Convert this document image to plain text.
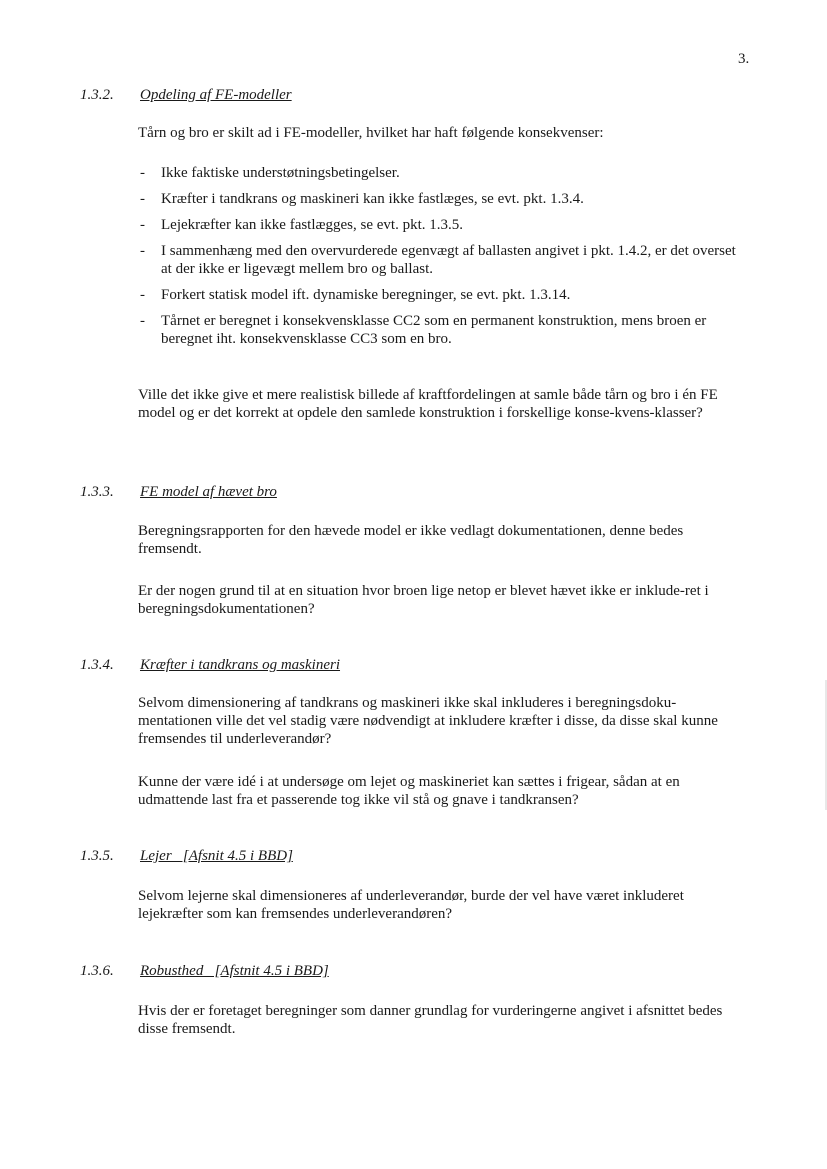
3.
1.3.2. Opdeling af FE-modeller

Tårn og bro er skilt ad i FE-modeller, hvilket har haft følgende konsekvenser:

- Ikke faktiske understøtningsbetingelser.
- Kræfter i tandkrans og maskineri kan ikke fastlæges, se evt. pkt. 1.3.4.
- Lejekræfter kan ikke fastlægges, se evt. pkt. 1.3.5.
- I sammenhæng med den overvurderede egenvægt af ballasten angivet i pkt. 1.4.2, er det overset at der ikke er ligevægt mellem bro og ballast.
- Forkert statisk model ift. dynamiske beregninger, se evt. pkt. 1.3.14.
- Tårnet er beregnet i konsekvensklasse CC2 som en permanent konstruktion, mens broen er beregnet iht. konsekvensklasse CC3 som en bro.

Ville det ikke give et mere realistisk billede af kraftfordelingen at samle både tårn og bro i én FE model og er det korrekt at opdele den samlede konstruktion i forskellige konse-kvens-klasser?

1.3.3. FE model af hævet bro

Beregningsrapporten for den hævede model er ikke vedlagt dokumentationen, denne bedes fremsendt.

Er der nogen grund til at en situation hvor broen lige netop er blevet hævet ikke er inklude-ret i beregningsdokumentationen?

1.3.4. Kræfter i tandkrans og maskineri

Selvom dimensionering af tandkrans og maskineri ikke skal inkluderes i beregningsdoku-mentationen ville det vel stadig være nødvendigt at inkludere kræfter i disse, da disse skal kunne fremsendes til underleverandør?

Kunne der være idé i at undersøge om lejet og maskineriet kan sættes i frigear, sådan at en udmattende last fra et passerende tog ikke vil stå og gnave i tandkransen?

1.3.5. Lejer   [Afsnit 4.5 i BBD]

Selvom lejerne skal dimensioneres af underleverandør, burde der vel have været inkluderet lejekræfter som kan fremsendes underleverandøren?

1.3.6. Robusthed   [Afstnit 4.5 i BBD]

Hvis der er foretaget beregninger som danner grundlag for vurderingerne angivet i afsnittet bedes disse fremsendt.
